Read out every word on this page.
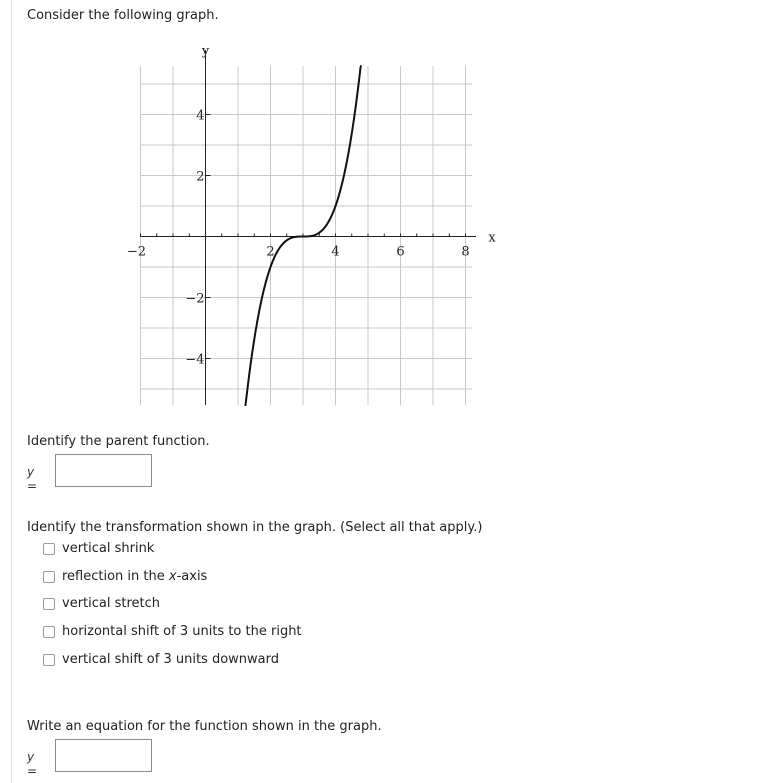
Consider the following graph.
−2	2	4	6	8
−4
−2
2
4
x
y
Identify the parent function.
y =
Identify the transformation shown in the graph. (Select all that apply.)
vertical shrink
reflection in the x-axis
vertical stretch
horizontal shift of 3 units to the right
vertical shift of 3 units downward
Write an equation for the function shown in the graph.
y =
